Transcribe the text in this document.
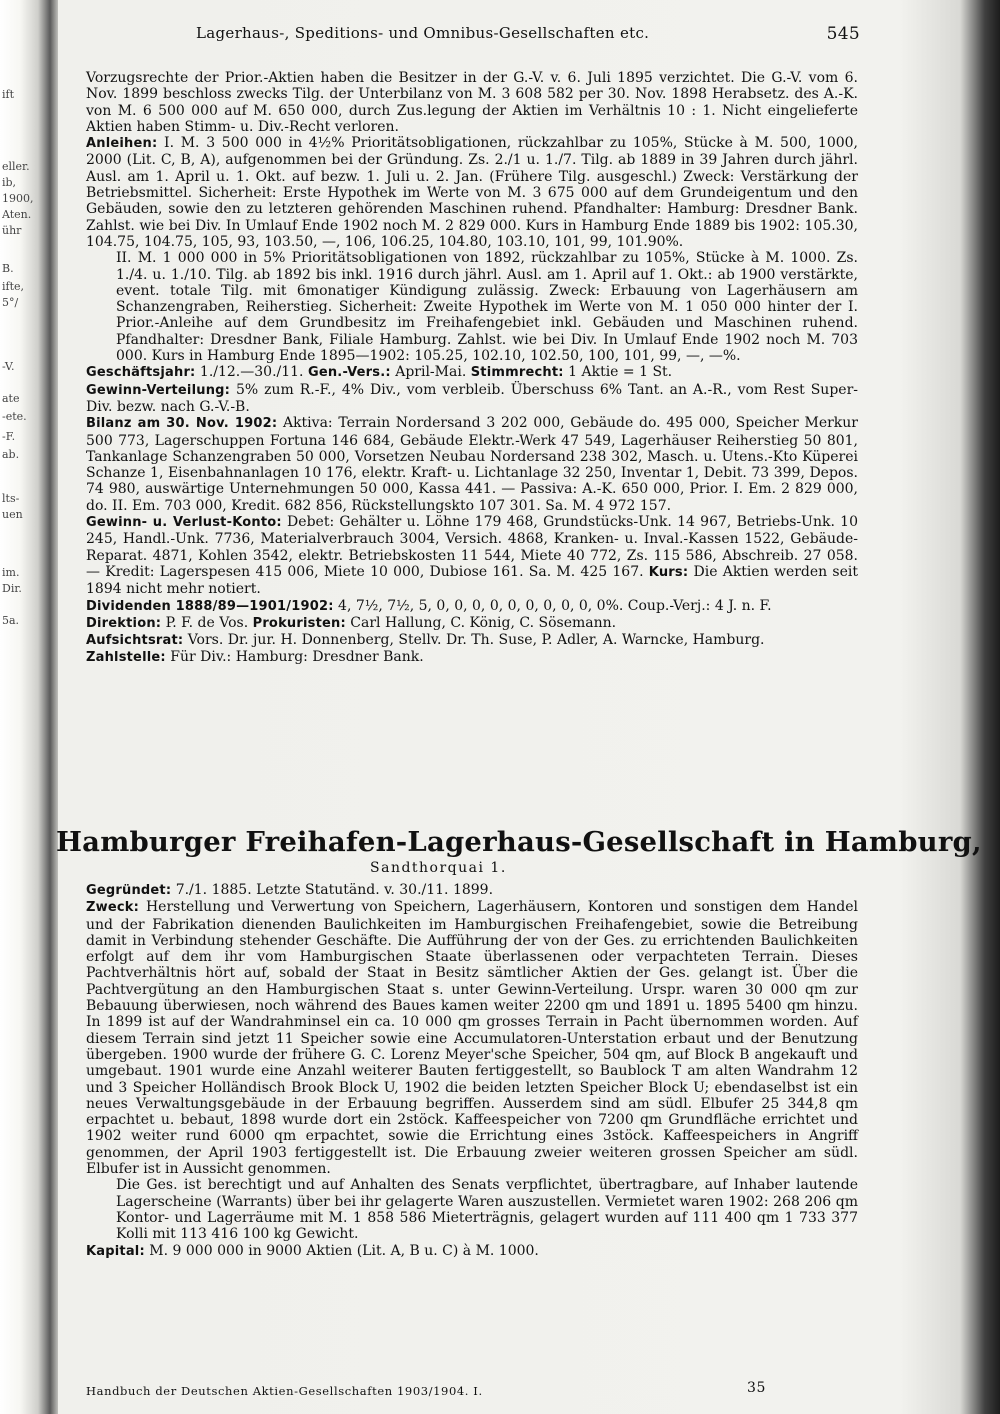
ift
eller.
ib,
1900,
Aten.
ühr
B.
ifte,
5°/
-V.
ate
-ete.
-F.
ab.
lts-
uen
im.
Dir.
5a.
Lagerhaus-, Speditions- und Omnibus-Gesellschaften etc.	545

Vorzugsrechte der Prior.-Aktien haben die Besitzer in der G.-V. v. 6. Juli 1895 verzichtet. Die G.-V. vom 6. Nov. 1899 beschloss zwecks Tilg. der Unterbilanz von M. 3 608 582 per 30. Nov. 1898 Herabsetz. des A.-K. von M. 6 500 000 auf M. 650 000, durch Zus.legung der Aktien im Verhältnis 10 : 1. Nicht eingelieferte Aktien haben Stimm- u. Div.-Recht verloren.

Anleihen: I. M. 3 500 000 in 4½% Prioritätsobligationen, rückzahlbar zu 105%, Stücke à M. 500, 1000, 2000 (Lit. C, B, A), aufgenommen bei der Gründung. Zs. 2./1 u. 1./7. Tilg. ab 1889 in 39 Jahren durch jährl. Ausl. am 1. April u. 1. Okt. auf bezw. 1. Juli u. 2. Jan. (Frühere Tilg. ausgeschl.) Zweck: Verstärkung der Betriebsmittel. Sicherheit: Erste Hypothek im Werte von M. 3 675 000 auf dem Grundeigentum und den Gebäuden, sowie den zu letzteren gehörenden Maschinen ruhend. Pfandhalter: Hamburg: Dresdner Bank. Zahlst. wie bei Div. In Umlauf Ende 1902 noch M. 2 829 000. Kurs in Hamburg Ende 1889 bis 1902: 105.30, 104.75, 104.75, 105, 93, 103.50, —, 106, 106.25, 104.80, 103.10, 101, 99, 101.90%.

II. M. 1 000 000 in 5% Prioritätsobligationen von 1892, rückzahlbar zu 105%, Stücke à M. 1000. Zs. 1./4. u. 1./10. Tilg. ab 1892 bis inkl. 1916 durch jährl. Ausl. am 1. April auf 1. Okt.: ab 1900 verstärkte, event. totale Tilg. mit 6monatiger Kündigung zulässig. Zweck: Erbauung von Lagerhäusern am Schanzengraben, Reiherstieg. Sicherheit: Zweite Hypothek im Werte von M. 1 050 000 hinter der I. Prior.-Anleihe auf dem Grundbesitz im Freihafengebiet inkl. Gebäuden und Maschinen ruhend. Pfandhalter: Dresdner Bank, Filiale Hamburg. Zahlst. wie bei Div. In Umlauf Ende 1902 noch M. 703 000. Kurs in Hamburg Ende 1895—1902: 105.25, 102.10, 102.50, 100, 101, 99, —, —%.

Geschäftsjahr: 1./12.—30./11. Gen.-Vers.: April-Mai. Stimmrecht: 1 Aktie = 1 St.

Gewinn-Verteilung: 5% zum R.-F., 4% Div., vom verbleib. Überschuss 6% Tant. an A.-R., vom Rest Super-Div. bezw. nach G.-V.-B.

Bilanz am 30. Nov. 1902: Aktiva: Terrain Nordersand 3 202 000, Gebäude do. 495 000, Speicher Merkur 500 773, Lagerschuppen Fortuna 146 684, Gebäude Elektr.-Werk 47 549, Lagerhäuser Reiherstieg 50 801, Tankanlage Schanzengraben 50 000, Vorsetzen Neubau Nordersand 238 302, Masch. u. Utens.-Kto Küperei Schanze 1, Eisenbahnanlagen 10 176, elektr. Kraft- u. Lichtanlage 32 250, Inventar 1, Debit. 73 399, Depos. 74 980, auswärtige Unternehmungen 50 000, Kassa 441. — Passiva: A.-K. 650 000, Prior. I. Em. 2 829 000, do. II. Em. 703 000, Kredit. 682 856, Rückstellungskto 107 301. Sa. M. 4 972 157.

Gewinn- u. Verlust-Konto: Debet: Gehälter u. Löhne 179 468, Grundstücks-Unk. 14 967, Betriebs-Unk. 10 245, Handl.-Unk. 7736, Materialverbrauch 3004, Versich. 4868, Kranken- u. Inval.-Kassen 1522, Gebäude-Reparat. 4871, Kohlen 3542, elektr. Betriebskosten 11 544, Miete 40 772, Zs. 115 586, Abschreib. 27 058. — Kredit: Lagerspesen 415 006, Miete 10 000, Dubiose 161. Sa. M. 425 167. Kurs: Die Aktien werden seit 1894 nicht mehr notiert.

Dividenden 1888/89—1901/1902: 4, 7½, 7½, 5, 0, 0, 0, 0, 0, 0, 0, 0, 0, 0%. Coup.-Verj.: 4 J. n. F.

Direktion: P. F. de Vos. Prokuristen: Carl Hallung, C. König, C. Sösemann.

Aufsichtsrat: Vors. Dr. jur. H. Donnenberg, Stellv. Dr. Th. Suse, P. Adler, A. Warncke, Hamburg.

Zahlstelle: Für Div.: Hamburg: Dresdner Bank.

Hamburger Freihafen-Lagerhaus-Gesellschaft in Hamburg,
Sandthorquai 1.

Gegründet: 7./1. 1885. Letzte Statutänd. v. 30./11. 1899.

Zweck: Herstellung und Verwertung von Speichern, Lagerhäusern, Kontoren und sonstigen dem Handel und der Fabrikation dienenden Baulichkeiten im Hamburgischen Freihafengebiet, sowie die Betreibung damit in Verbindung stehender Geschäfte. Die Aufführung der von der Ges. zu errichtenden Baulichkeiten erfolgt auf dem ihr vom Hamburgischen Staate überlassenen oder verpachteten Terrain. Dieses Pachtverhältnis hört auf, sobald der Staat in Besitz sämtlicher Aktien der Ges. gelangt ist. Über die Pachtvergütung an den Hamburgischen Staat s. unter Gewinn-Verteilung. Urspr. waren 30 000 qm zur Bebauung überwiesen, noch während des Baues kamen weiter 2200 qm und 1891 u. 1895 5400 qm hinzu. In 1899 ist auf der Wandrahminsel ein ca. 10 000 qm grosses Terrain in Pacht übernommen worden. Auf diesem Terrain sind jetzt 11 Speicher sowie eine Accumulatoren-Unterstation erbaut und der Benutzung übergeben. 1900 wurde der frühere G. C. Lorenz Meyer'sche Speicher, 504 qm, auf Block B angekauft und umgebaut. 1901 wurde eine Anzahl weiterer Bauten fertiggestellt, so Baublock T am alten Wandrahm 12 und 3 Speicher Holländisch Brook Block U, 1902 die beiden letzten Speicher Block U; ebendaselbst ist ein neues Verwaltungsgebäude in der Erbauung begriffen. Ausserdem sind am südl. Elbufer 25 344,8 qm erpachtet u. bebaut, 1898 wurde dort ein 2stöck. Kaffeespeicher von 7200 qm Grundfläche errichtet und 1902 weiter rund 6000 qm erpachtet, sowie die Errichtung eines 3stöck. Kaffeespeichers in Angriff genommen, der April 1903 fertiggestellt ist. Die Erbauung zweier weiteren grossen Speicher am südl. Elbufer ist in Aussicht genommen.

Die Ges. ist berechtigt und auf Anhalten des Senats verpflichtet, übertragbare, auf Inhaber lautende Lagerscheine (Warrants) über bei ihr gelagerte Waren auszustellen. Vermietet waren 1902: 268 206 qm Kontor- und Lagerräume mit M. 1 858 586 Mieterträgnis, gelagert wurden auf 111 400 qm 1 733 377 Kolli mit 113 416 100 kg Gewicht.

Kapital: M. 9 000 000 in 9000 Aktien (Lit. A, B u. C) à M. 1000.

Handbuch der Deutschen Aktien-Gesellschaften 1903/1904. I.	35
